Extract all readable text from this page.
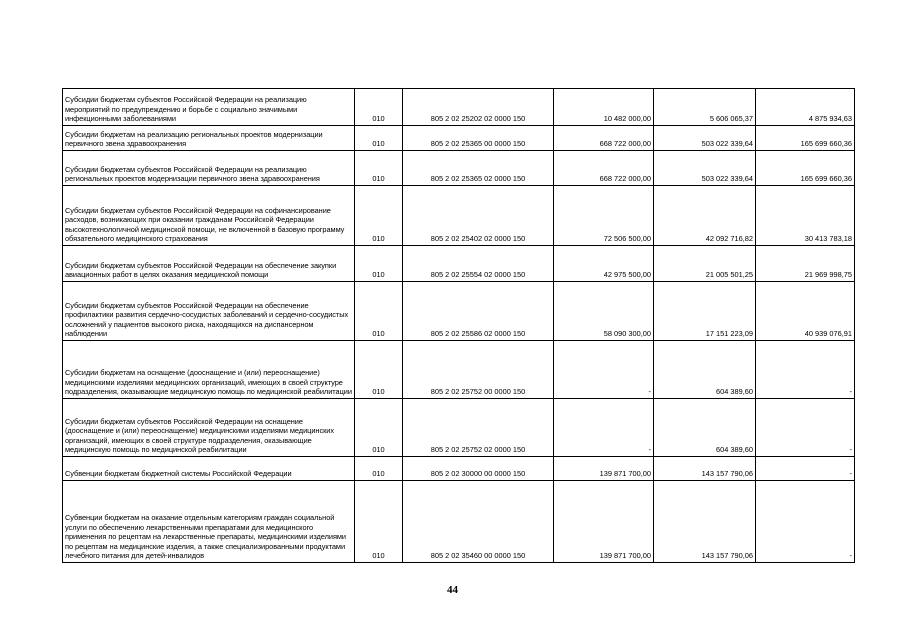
Субсидии бюджетам субъектов Российской Федерации на реализацию мероприятий по предупреждению и борьбе с социально значимыми инфекционными заболеваниями	010	805 2 02 25202 02 0000 150	10 482 000,00	5 606 065,37	4 875 934,63
Субсидии бюджетам на реализацию региональных проектов модернизации первичного звена здравоохранения	010	805 2 02 25365 00 0000 150	668 722 000,00	503 022 339,64	165 699 660,36
Субсидии бюджетам субъектов Российской Федерации на реализацию региональных проектов модернизации первичного звена здравоохранения	010	805 2 02 25365 02 0000 150	668 722 000,00	503 022 339,64	165 699 660,36
Субсидии бюджетам субъектов Российской Федерации на софинансирование расходов, возникающих при оказании гражданам Российской Федерации высокотехнологичной медицинской помощи, не включенной в базовую программу обязательного медицинского страхования	010	805 2 02 25402 02 0000 150	72 506 500,00	42 092 716,82	30 413 783,18
Субсидии бюджетам субъектов Российской Федерации на обеспечение закупки авиационных работ в целях оказания медицинской помощи	010	805 2 02 25554 02 0000 150	42 975 500,00	21 005 501,25	21 969 998,75
Субсидии бюджетам субъектов Российской Федерации на обеспечение профилактики развития сердечно-сосудистых заболеваний и сердечно-сосудистых осложнений у пациентов высокого риска, находящихся на диспансерном наблюдении	010	805 2 02 25586 02 0000 150	58 090 300,00	17 151 223,09	40 939 076,91
Субсидии бюджетам на оснащение (дооснащение и (или) переоснащение) медицинскими изделиями медицинских организаций, имеющих в своей структуре подразделения, оказывающие медицинскую помощь по медицинской реабилитации	010	805 2 02 25752 00 0000 150	-	604 389,60	-
Субсидии бюджетам субъектов Российской Федерации на оснащение (дооснащение и (или) переоснащение) медицинскими изделиями медицинских организаций, имеющих в своей структуре подразделения, оказывающие медицинскую помощь по медицинской реабилитации	010	805 2 02 25752 02 0000 150	-	604 389,60	-
Субвенции бюджетам бюджетной системы Российской Федерации	010	805 2 02 30000 00 0000 150	139 871 700,00	143 157 790,06	-
Субвенции бюджетам на оказание отдельным категориям граждан социальной услуги по обеспечению лекарственными препаратами для медицинского применения по рецептам на лекарственные препараты, медицинскими изделиями по рецептам на медицинские изделия, а также специализированными продуктами лечебного питания для детей-инвалидов	010	805 2 02 35460 00 0000 150	139 871 700,00	143 157 790,06	-
44
